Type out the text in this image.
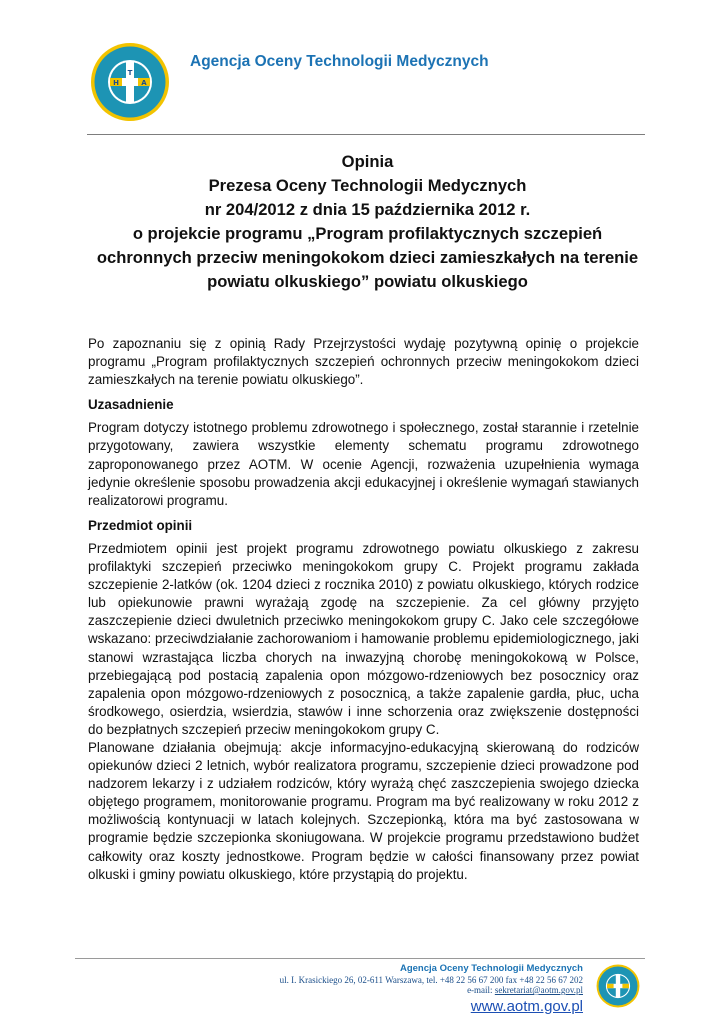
H
T
A
Agencja Oceny Technologii Medycznych
Opinia
Prezesa Oceny Technologii Medycznych
nr 204/2012 z dnia 15 października 2012 r.
o projekcie programu „Program profilaktycznych szczepień
ochronnych przeciw meningokokom dzieci zamieszkałych na terenie
powiatu olkuskiego” powiatu olkuskiego

Po zapoznaniu się z opinią Rady Przejrzystości wydaję pozytywną opinię o projekcie programu „Program profilaktycznych szczepień ochronnych przeciw meningokokom dzieci zamieszkałych na terenie powiatu olkuskiego”.

Uzasadnienie

Program dotyczy istotnego problemu zdrowotnego i społecznego, został starannie i rzetelnie przygotowany, zawiera wszystkie elementy schematu programu zdrowotnego zaproponowanego przez AOTM. W ocenie Agencji, rozważenia uzupełnienia wymaga jedynie określenie sposobu prowadzenia akcji edukacyjnej i określenie wymagań stawianych realizatorowi programu.

Przedmiot opinii

Przedmiotem opinii jest projekt programu zdrowotnego powiatu olkuskiego z zakresu profilaktyki szczepień przeciwko meningokokom grupy C. Projekt programu zakłada szczepienie 2-latków (ok. 1204 dzieci z rocznika 2010) z powiatu olkuskiego, których rodzice lub opiekunowie prawni wyrażają zgodę na szczepienie. Za cel główny przyjęto zaszczepienie dzieci dwuletnich przeciwko meningokokom grupy C. Jako cele szczegółowe wskazano: przeciwdziałanie zachorowaniom i hamowanie problemu epidemiologicznego, jaki stanowi wzrastająca liczba chorych na inwazyjną chorobę meningokokową w Polsce, przebiegającą pod postacią zapalenia opon mózgowo-rdzeniowych bez posocznicy oraz zapalenia opon mózgowo-rdzeniowych z posocznicą, a także zapalenie gardła, płuc, ucha środkowego, osierdzia, wsierdzia, stawów i inne schorzenia oraz zwiększenie dostępności do bezpłatnych szczepień przeciw meningokokom grupy C.

Planowane działania obejmują: akcje informacyjno-edukacyjną skierowaną do rodziców opiekunów dzieci 2 letnich, wybór realizatora programu, szczepienie dzieci prowadzone pod nadzorem lekarzy i z udziałem rodziców, który wyrażą chęć zaszczepienia swojego dziecka objętego programem, monitorowanie programu. Program ma być realizowany w roku 2012 z możliwością kontynuacji w latach kolejnych. Szczepionką, która ma być zastosowana w programie będzie szczepionka skoniugowana. W projekcie programu przedstawiono budżet całkowity oraz koszty jednostkowe. Program będzie w całości finansowany przez powiat olkuski i gminy powiatu olkuskiego, które przystąpią do projektu.

Agencja Oceny Technologii Medycznych
ul. I. Krasickiego 26, 02-611 Warszawa, tel. +48 22 56 67 200 fax +48 22 56 67 202
e-mail: sekretariat@aotm.gov.pl
www.aotm.gov.pl
